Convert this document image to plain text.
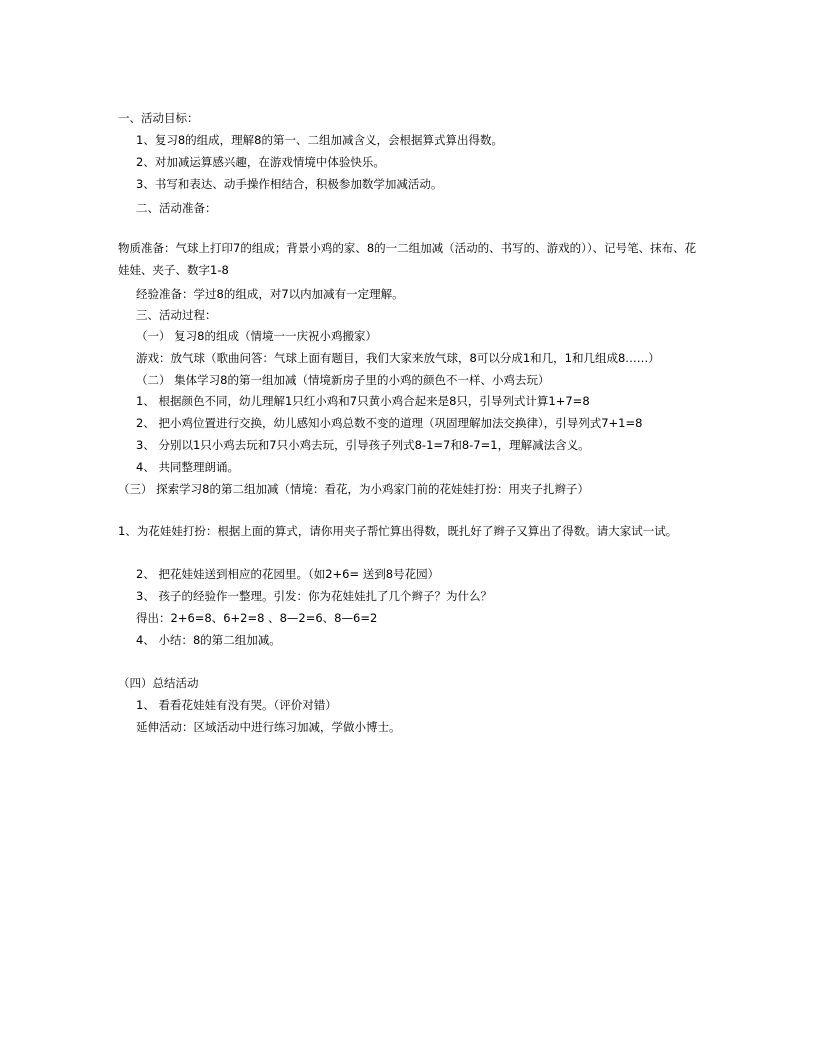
一、活动目标：
1、复习8的组成，理解8的第一、二组加减含义，会根据算式算出得数。
2、对加减运算感兴趣，在游戏情境中体验快乐。
3、书写和表达、动手操作相结合，积极参加数学加减活动。
二、活动准备：
物质准备：气球上打印7的组成；背景小鸡的家、8的一二组加减（活动的、书写的、游戏的））、记号笔、抹布、花娃娃、夹子、数字1-8
经验准备：学过8的组成，对7以内加减有一定理解。
三、活动过程：
（一） 复习8的组成（情境一一庆祝小鸡搬家）
游戏：放气球（歌曲问答：气球上面有题目，我们大家来放气球，8可以分成1和几，1和几组成8……）
（二） 集体学习8的第一组加减（情境新房子里的小鸡的颜色不一样、小鸡去玩）
1、 根据颜色不同，幼儿理解1只红小鸡和7只黄小鸡合起来是8只，引导列式计算1+7=8
2、 把小鸡位置进行交换，幼儿感知小鸡总数不变的道理（巩固理解加法交换律），引导列式7+1=8
3、 分别以1只小鸡去玩和7只小鸡去玩，引导孩子列式8-1=7和8-7=1，理解减法含义。
4、 共同整理朗诵。
（三） 探索学习8的第二组加减（情境：看花，为小鸡家门前的花娃娃打扮：用夹子扎辫子）
1、为花娃娃打扮：根据上面的算式，请你用夹子帮忙算出得数，既扎好了辫子又算出了得数。请大家试一试。
2、 把花娃娃送到相应的花园里。（如2+6= 送到8号花园）
3、 孩子的经验作一整理。引发：你为花娃娃扎了几个辫子？为什么？
得出：2+6=8、6+2=8 、8—2=6、8—6=2
4、 小结：8的第二组加减。
（四）总结活动
1、 看看花娃娃有没有哭。（评价对错）
延伸活动：区域活动中进行练习加减，学做小博士。
